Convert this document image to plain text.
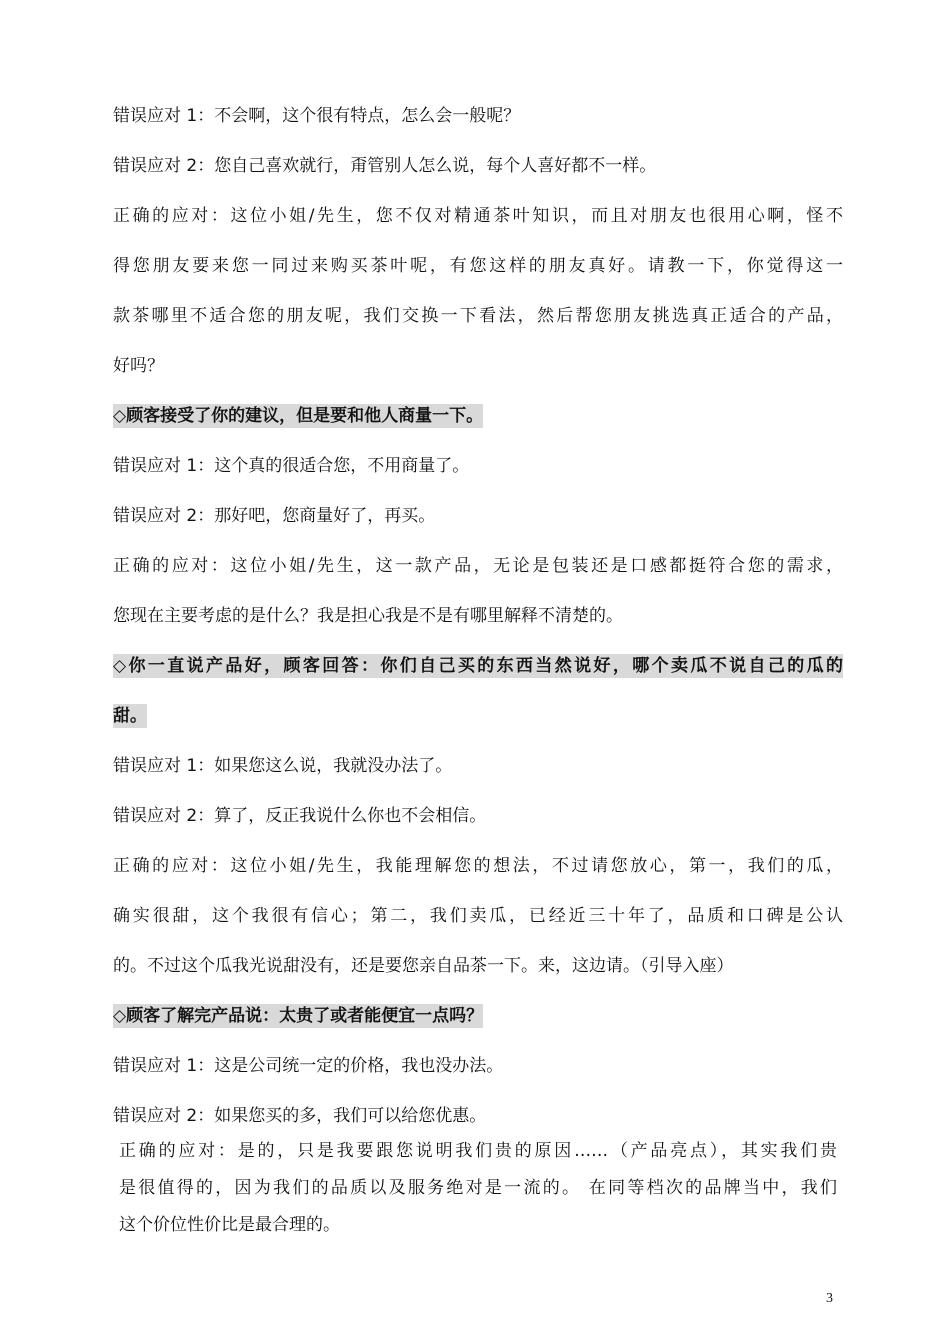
错误应对 1：不会啊，这个很有特点，怎么会一般呢？
错误应对 2：您自己喜欢就行，甭管别人怎么说，每个人喜好都不一样。
正确的应对：这位小姐/先生，您不仅对精通茶叶知识，而且对朋友也很用心啊，怪不
得您朋友要来您一同过来购买茶叶呢，有您这样的朋友真好。请教一下，你觉得这一
款茶哪里不适合您的朋友呢，我们交换一下看法，然后帮您朋友挑选真正适合的产品，
好吗？
◇顾客接受了你的建议，但是要和他人商量一下。
错误应对 1：这个真的很适合您，不用商量了。
错误应对 2：那好吧，您商量好了，再买。
正确的应对：这位小姐/先生，这一款产品，无论是包装还是口感都挺符合您的需求，
您现在主要考虑的是什么？我是担心我是不是有哪里解释不清楚的。
◇你一直说产品好，顾客回答：你们自己买的东西当然说好，哪个卖瓜不说自己的瓜的
甜。
错误应对 1：如果您这么说，我就没办法了。
错误应对 2：算了，反正我说什么你也不会相信。
正确的应对：这位小姐/先生，我能理解您的想法，不过请您放心，第一，我们的瓜，
确实很甜，这个我很有信心；第二，我们卖瓜，已经近三十年了，品质和口碑是公认
的。不过这个瓜我光说甜没有，还是要您亲自品茶一下。来，这边请。（引导入座）
◇顾客了解完产品说：太贵了或者能便宜一点吗？
错误应对 1：这是公司统一定的价格，我也没办法。
错误应对 2：如果您买的多，我们可以给您优惠。
正确的应对：是的，只是我要跟您说明我们贵的原因……（产品亮点），其实我们贵
是很值得的，因为我们的品质以及服务绝对是一流的。 在同等档次的品牌当中，我们
这个价位性价比是最合理的。
3
